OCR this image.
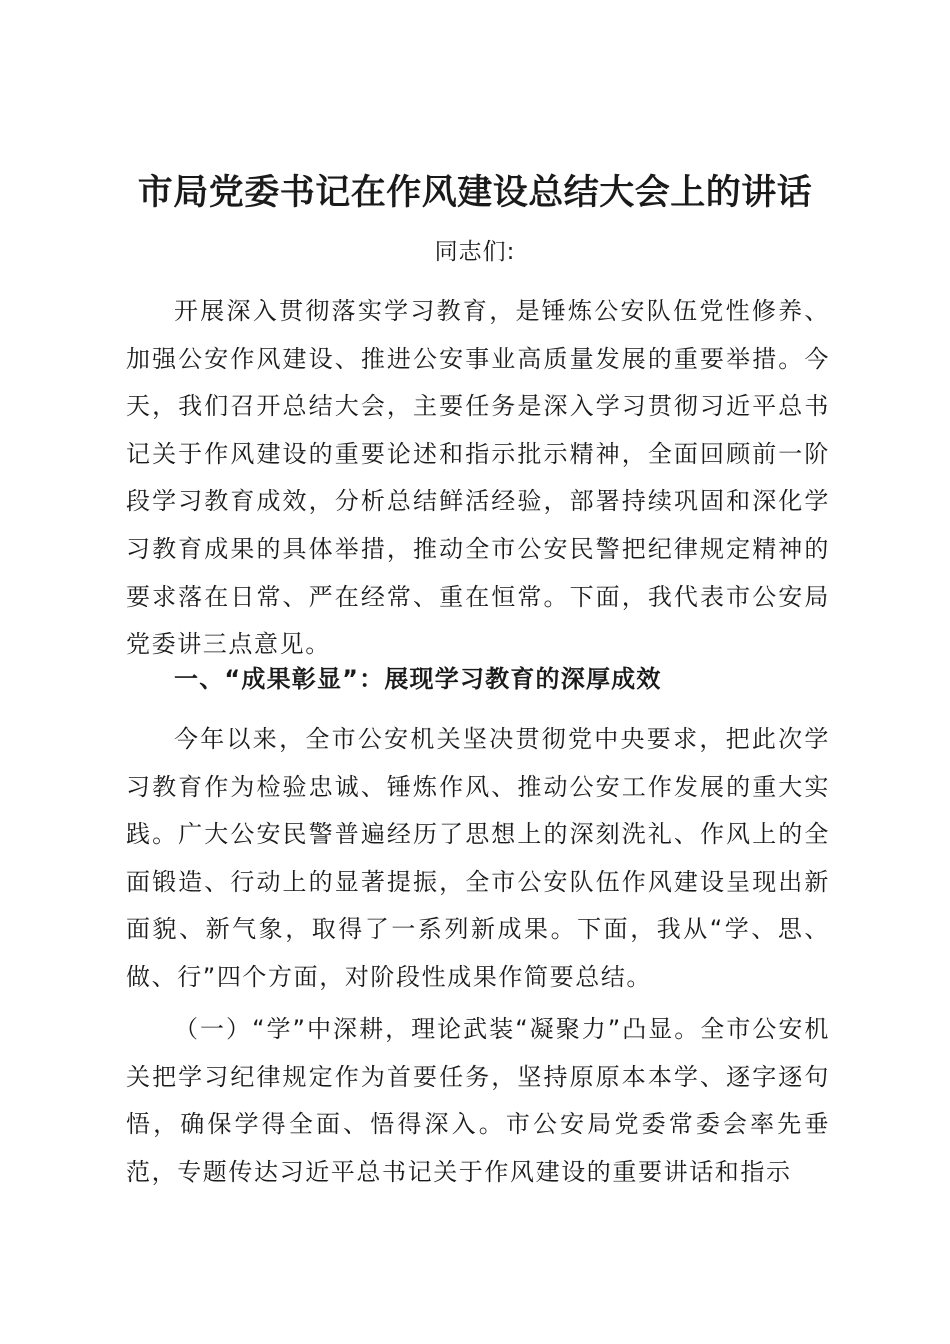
市局党委书记在作风建设总结大会上的讲话
同志们:

开展深入贯彻落实学习教育，是锤炼公安队伍党性修养、加强公安作风建设、推进公安事业高质量发展的重要举措。今天，我们召开总结大会，主要任务是深入学习贯彻习近平总书记关于作风建设的重要论述和指示批示精神，全面回顾前一阶段学习教育成效，分析总结鲜活经验，部署持续巩固和深化学习教育成果的具体举措，推动全市公安民警把纪律规定精神的要求落在日常、严在经常、重在恒常。下面，我代表市公安局党委讲三点意见。

一、“成果彰显”：展现学习教育的深厚成效

今年以来，全市公安机关坚决贯彻党中央要求，把此次学习教育作为检验忠诚、锤炼作风、推动公安工作发展的重大实践。广大公安民警普遍经历了思想上的深刻洗礼、作风上的全面锻造、行动上的显著提振，全市公安队伍作风建设呈现出新面貌、新气象，取得了一系列新成果。下面，我从“学、思、做、行”四个方面，对阶段性成果作简要总结。

（一）“学”中深耕，理论武装“凝聚力”凸显。全市公安机关把学习纪律规定作为首要任务，坚持原原本本学、逐字逐句悟，确保学得全面、悟得深入。市公安局党委常委会率先垂范，专题传达习近平总书记关于作风建设的重要讲话和指示
